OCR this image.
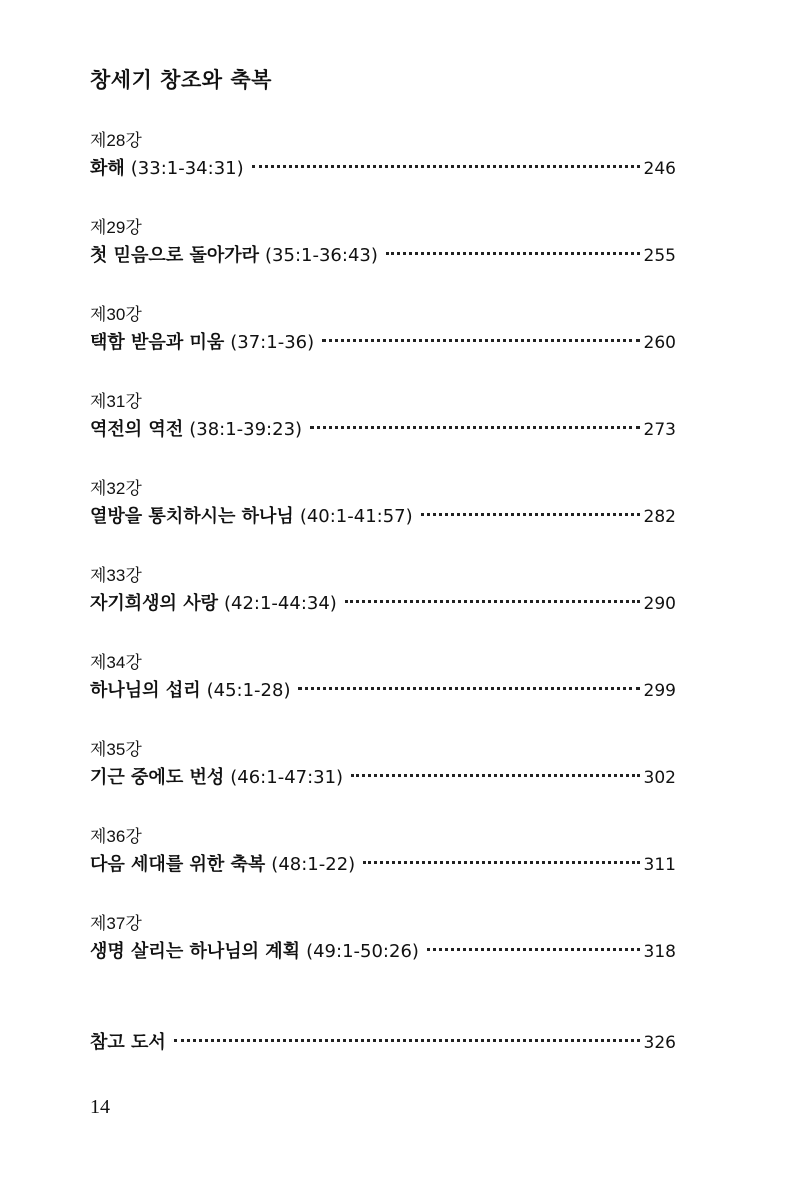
창세기 창조와 축복
제28강
화해 (33:1-34:31)	246
제29강
첫 믿음으로 돌아가라 (35:1-36:43)	255
제30강
택함 받음과 미움 (37:1-36)	260
제31강
역전의 역전 (38:1-39:23)	273
제32강
열방을 통치하시는 하나님 (40:1-41:57)	282
제33강
자기희생의 사랑 (42:1-44:34)	290
제34강
하나님의 섭리 (45:1-28)	299
제35강
기근 중에도 번성 (46:1-47:31)	302
제36강
다음 세대를 위한 축복 (48:1-22)	311
제37강
생명 살리는 하나님의 계획 (49:1-50:26)	318
참고 도서	326
14
